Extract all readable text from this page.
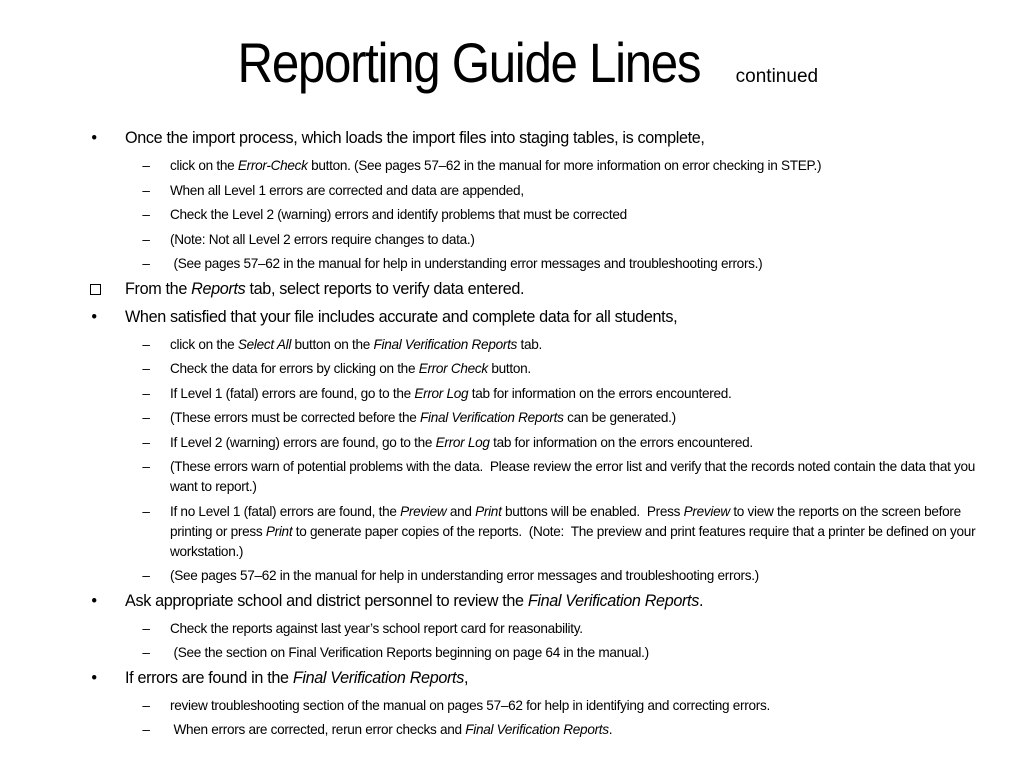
Reporting Guide Lines continued
• Once the import process, which loads the import files into staging tables, is complete,
– click on the Error-Check button. (See pages 57–62 in the manual for more information on error checking in STEP.)
– When all Level 1 errors are corrected and data are appended,
– Check the Level 2 (warning) errors and identify problems that must be corrected
– (Note: Not all Level 2 errors require changes to data.)
– (See pages 57–62 in the manual for help in understanding error messages and troubleshooting errors.)
From the Reports tab, select reports to verify data entered.
• When satisfied that your file includes accurate and complete data for all students,
– click on the Select All button on the Final Verification Reports tab.
– Check the data for errors by clicking on the Error Check button.
– If Level 1 (fatal) errors are found, go to the Error Log tab for information on the errors encountered.
– (These errors must be corrected before the Final Verification Reports can be generated.)
– If Level 2 (warning) errors are found, go to the Error Log tab for information on the errors encountered.
– (These errors warn of potential problems with the data.  Please review the error list and verify that the records noted contain the data that you want to report.)
– If no Level 1 (fatal) errors are found, the Preview and Print buttons will be enabled.  Press Preview to view the reports on the screen before printing or press Print to generate paper copies of the reports.  (Note:  The preview and print features require that a printer be defined on your workstation.)
– (See pages 57–62 in the manual for help in understanding error messages and troubleshooting errors.)
• Ask appropriate school and district personnel to review the Final Verification Reports.
– Check the reports against last year’s school report card for reasonability.
– (See the section on Final Verification Reports beginning on page 64 in the manual.)
• If errors are found in the Final Verification Reports,
– review troubleshooting section of the manual on pages 57–62 for help in identifying and correcting errors.
– When errors are corrected, rerun error checks and Final Verification Reports.
